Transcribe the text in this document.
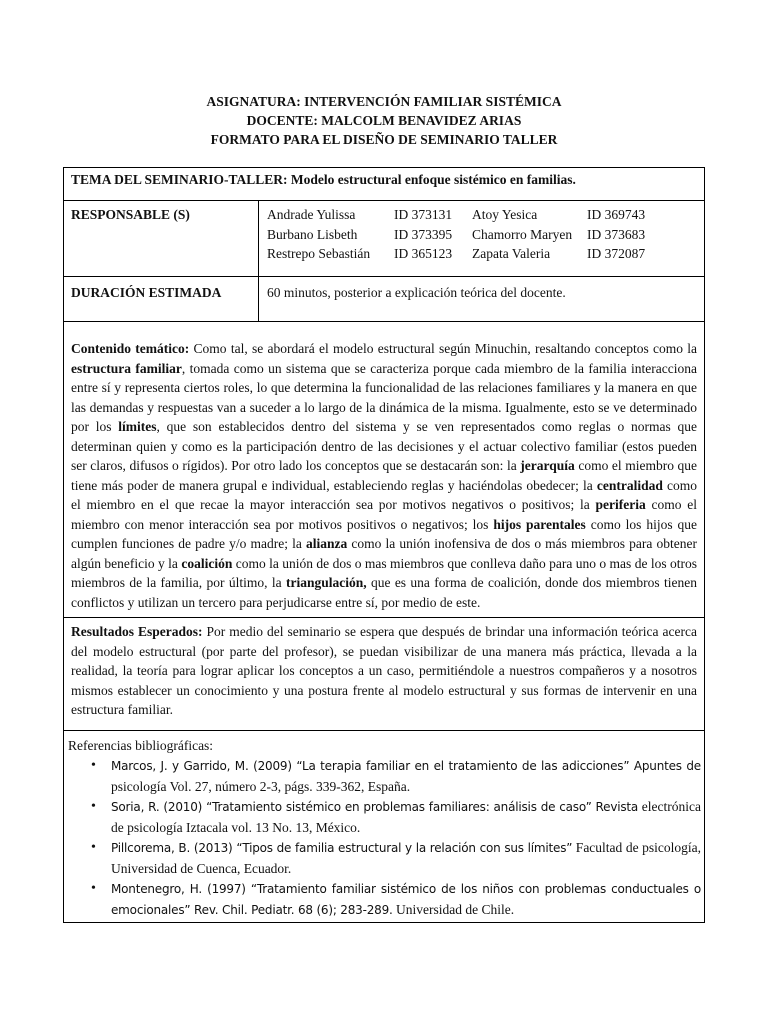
ASIGNATURA: INTERVENCIÓN FAMILIAR SISTÉMICA
DOCENTE: MALCOLM BENAVIDEZ ARIAS
FORMATO PARA EL DISEÑO DE SEMINARIO TALLER
TEMA DEL SEMINARIO-TALLER: Modelo estructural enfoque sistémico en familias.
RESPONSABLE (S)	Andrade Yulissa	ID 373131 Atoy Yesica	ID 369743
Burbano Lisbeth	ID 373395 Chamorro Maryen ID 373683
Restrepo Sebastián ID 365123 Zapata Valeria	ID 372087
DURACIÓN ESTIMADA	60 minutos, posterior a explicación teórica del docente.
Contenido temático: Como tal, se abordará el modelo estructural según Minuchin, resaltando conceptos como la estructura familiar, tomada como un sistema que se caracteriza porque cada miembro de la familia interacciona entre sí y representa ciertos roles, lo que determina la funcionalidad de las relaciones familiares y la manera en que las demandas y respuestas van a suceder a lo largo de la dinámica de la misma. Igualmente, esto se ve determinado por los límites, que son establecidos dentro del sistema y se ven representados como reglas o normas que determinan quien y como es la participación dentro de las decisiones y el actuar colectivo familiar (estos pueden ser claros, difusos o rígidos). Por otro lado los conceptos que se destacarán son: la jerarquía como el miembro que tiene más poder de manera grupal e individual, estableciendo reglas y haciéndolas obedecer; la centralidad como el miembro en el que recae la mayor interacción sea por motivos negativos o positivos; la periferia como el miembro con menor interacción sea por motivos positivos o negativos; los hijos parentales como los hijos que cumplen funciones de padre y/o madre; la alianza como la unión inofensiva de dos o más miembros para obtener algún beneficio y la coalición como la unión de dos o mas miembros que conlleva daño para uno o mas de los otros miembros de la familia, por último, la triangulación, que es una forma de coalición, donde dos miembros tienen conflictos y utilizan un tercero para perjudicarse entre sí, por medio de este.
Resultados Esperados: Por medio del seminario se espera que después de brindar una información teórica acerca del modelo estructural (por parte del profesor), se puedan visibilizar de una manera más práctica, llevada a la realidad, la teoría para lograr aplicar los conceptos a un caso, permitiéndole a nuestros compañeros y a nosotros mismos establecer un conocimiento y una postura frente al modelo estructural y sus formas de intervenir en una estructura familiar.
Referencias bibliográficas:
• Marcos, J. y Garrido, M. (2009) “La terapia familiar en el tratamiento de las adicciones” Apuntes de psicología Vol. 27, número 2-3, págs. 339-362, España.
• Soria, R. (2010) “Tratamiento sistémico en problemas familiares: análisis de caso” Revista electrónica de psicología Iztacala vol. 13 No. 13, México.
• Pillcorema, B. (2013) “Tipos de familia estructural y la relación con sus límites” Facultad de psicología, Universidad de Cuenca, Ecuador.
• Montenegro, H. (1997) “Tratamiento familiar sistémico de los niños con problemas conductuales o emocionales” Rev. Chil. Pediatr. 68 (6); 283-289. Universidad de Chile.
